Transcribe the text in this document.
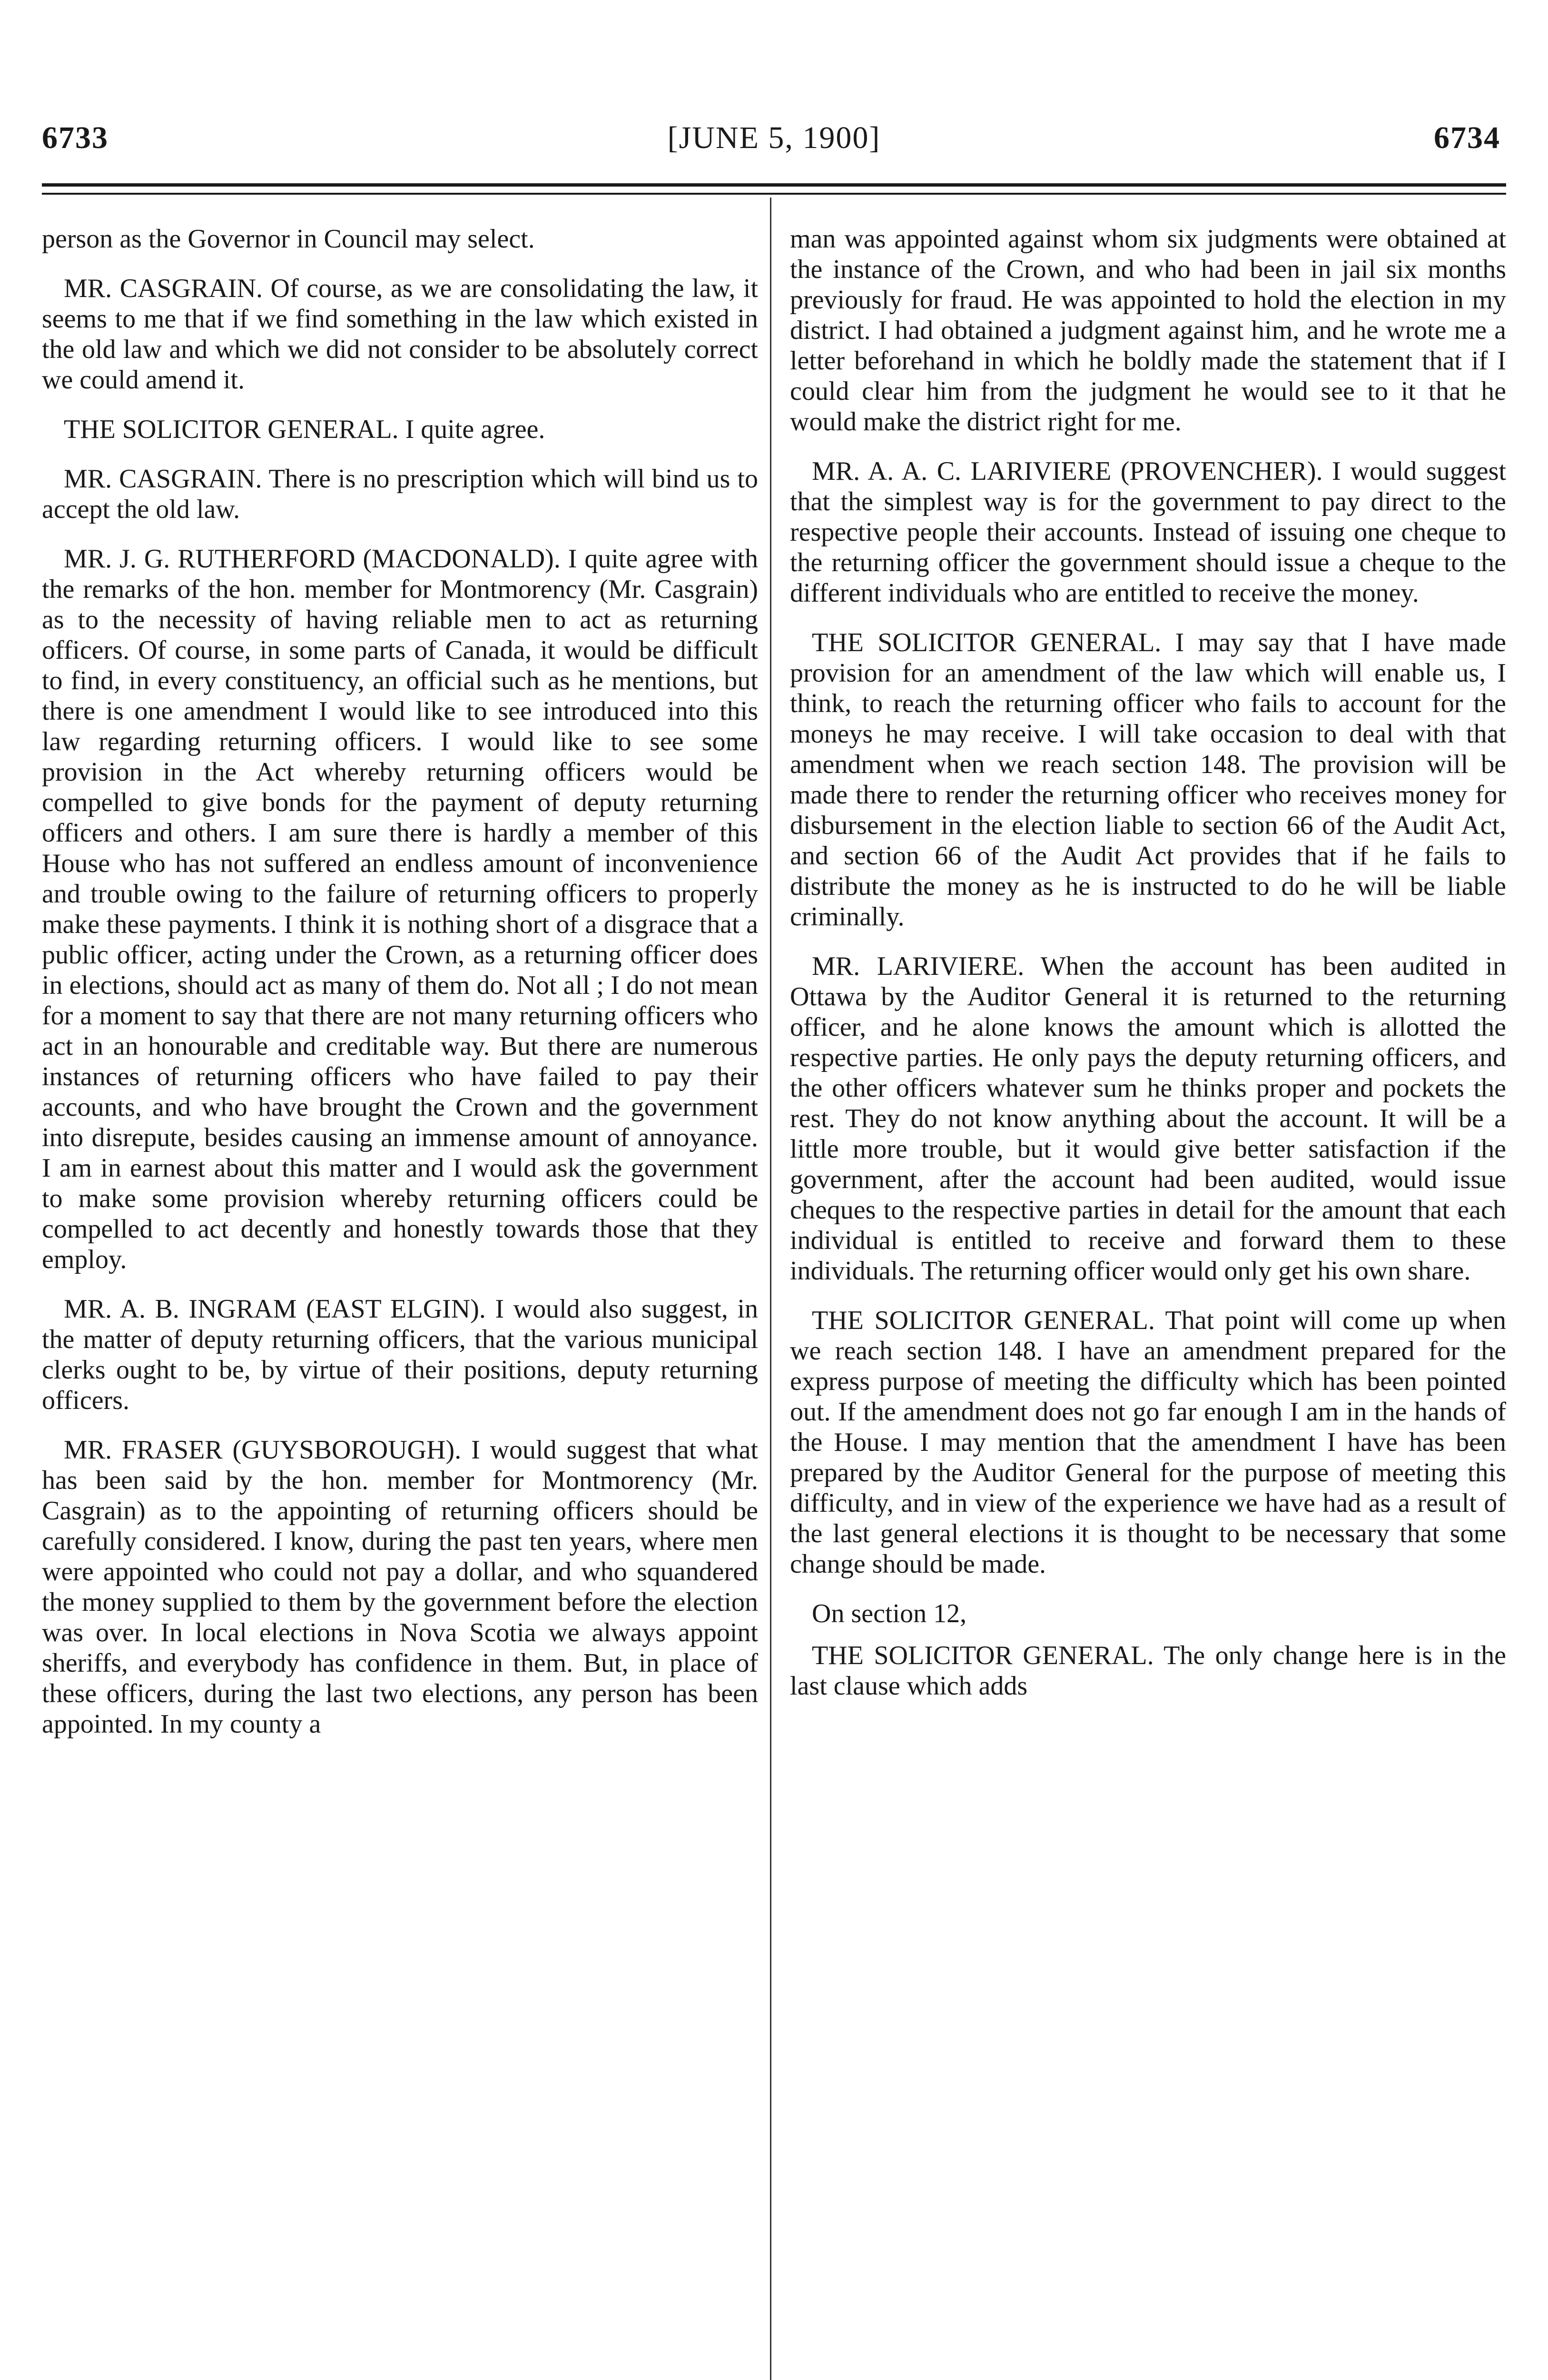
6733	[JUNE 5, 1900]	6734

person as the Governor in Council may select.

MR. CASGRAIN. Of course, as we are consolidating the law, it seems to me that if we find something in the law which existed in the old law and which we did not consider to be absolutely correct we could amend it.

THE SOLICITOR GENERAL. I quite agree.

MR. CASGRAIN. There is no prescription which will bind us to accept the old law.

MR. J. G. RUTHERFORD (MACDONALD). I quite agree with the remarks of the hon. member for Montmorency (Mr. Casgrain) as to the necessity of having reliable men to act as returning officers. Of course, in some parts of Canada, it would be difficult to find, in every constituency, an official such as he mentions, but there is one amendment I would like to see introduced into this law regarding returning officers. I would like to see some provision in the Act whereby returning officers would be compelled to give bonds for the payment of deputy returning officers and others. I am sure there is hardly a member of this House who has not suffered an endless amount of inconvenience and trouble owing to the failure of returning officers to properly make these payments. I think it is nothing short of a disgrace that a public officer, acting under the Crown, as a returning officer does in elections, should act as many of them do. Not all ; I do not mean for a moment to say that there are not many returning officers who act in an honourable and creditable way. But there are numerous instances of returning officers who have failed to pay their accounts, and who have brought the Crown and the government into disrepute, besides causing an immense amount of annoyance. I am in earnest about this matter and I would ask the government to make some provision whereby returning officers could be compelled to act decently and honestly towards those that they employ.

MR. A. B. INGRAM (EAST ELGIN). I would also suggest, in the matter of deputy returning officers, that the various municipal clerks ought to be, by virtue of their positions, deputy returning officers.

MR. FRASER (GUYSBOROUGH). I would suggest that what has been said by the hon. member for Montmorency (Mr. Casgrain) as to the appointing of returning officers should be carefully considered. I know, during the past ten years, where men were appointed who could not pay a dollar, and who squandered the money supplied to them by the government before the election was over. In local elections in Nova Scotia we always appoint sheriffs, and everybody has confidence in them. But, in place of these officers, during the last two elections, any person has been appointed. In my county a

man was appointed against whom six judgments were obtained at the instance of the Crown, and who had been in jail six months previously for fraud. He was appointed to hold the election in my district. I had obtained a judgment against him, and he wrote me a letter beforehand in which he boldly made the statement that if I could clear him from the judgment he would see to it that he would make the district right for me.

MR. A. A. C. LARIVIERE (PROVENCHER). I would suggest that the simplest way is for the government to pay direct to the respective people their accounts. Instead of issuing one cheque to the returning officer the government should issue a cheque to the different individuals who are entitled to receive the money.

THE SOLICITOR GENERAL. I may say that I have made provision for an amendment of the law which will enable us, I think, to reach the returning officer who fails to account for the moneys he may receive. I will take occasion to deal with that amendment when we reach section 148. The provision will be made there to render the returning officer who receives money for disbursement in the election liable to section 66 of the Audit Act, and section 66 of the Audit Act provides that if he fails to distribute the money as he is instructed to do he will be liable criminally.

MR. LARIVIERE. When the account has been audited in Ottawa by the Auditor General it is returned to the returning officer, and he alone knows the amount which is allotted the respective parties. He only pays the deputy returning officers, and the other officers whatever sum he thinks proper and pockets the rest. They do not know anything about the account. It will be a little more trouble, but it would give better satisfaction if the government, after the account had been audited, would issue cheques to the respective parties in detail for the amount that each individual is entitled to receive and forward them to these individuals. The returning officer would only get his own share.

THE SOLICITOR GENERAL. That point will come up when we reach section 148. I have an amendment prepared for the express purpose of meeting the difficulty which has been pointed out. If the amendment does not go far enough I am in the hands of the House. I may mention that the amendment I have has been prepared by the Auditor General for the purpose of meeting this difficulty, and in view of the experience we have had as a result of the last general elections it is thought to be necessary that some change should be made.

On section 12,

THE SOLICITOR GENERAL. The only change here is in the last clause which adds
